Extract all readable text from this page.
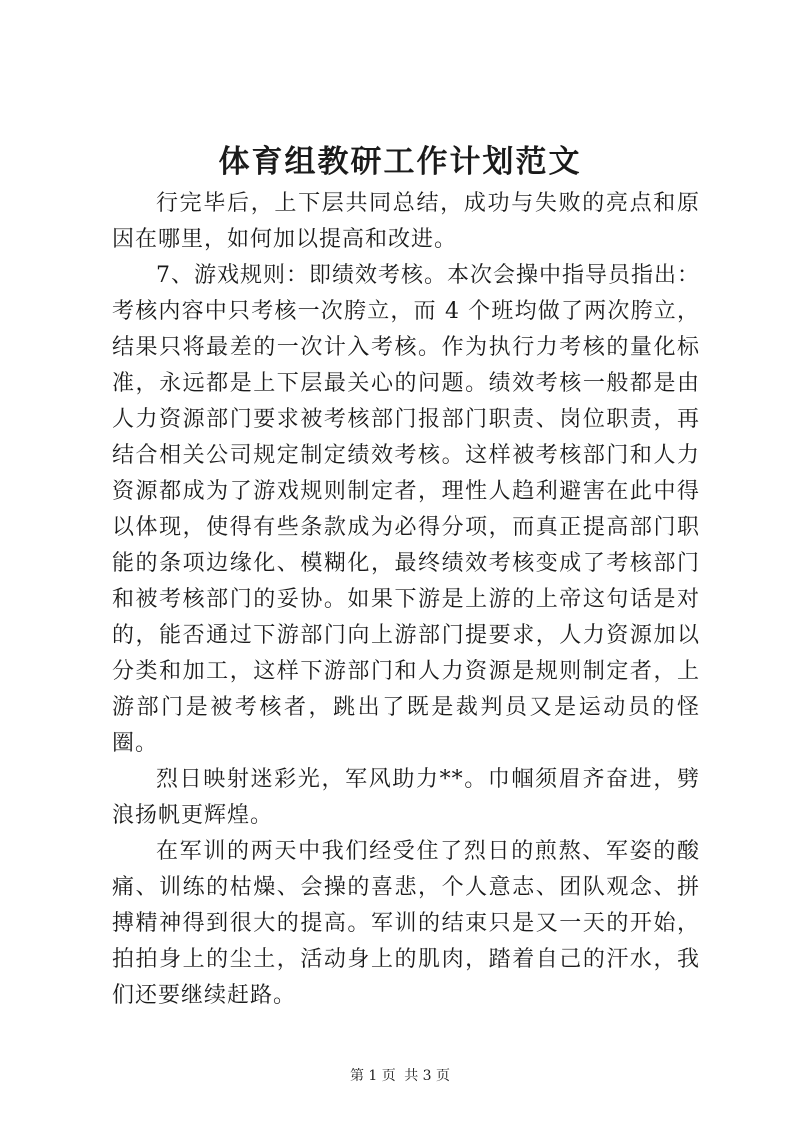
体育组教研工作计划范文

行完毕后，上下层共同总结，成功与失败的亮点和原因在哪里，如何加以提高和改进。

7、游戏规则：即绩效考核。本次会操中指导员指出：考核内容中只考核一次胯立，而 4 个班均做了两次胯立，结果只将最差的一次计入考核。作为执行力考核的量化标准，永远都是上下层最关心的问题。绩效考核一般都是由人力资源部门要求被考核部门报部门职责、岗位职责，再结合相关公司规定制定绩效考核。这样被考核部门和人力资源都成为了游戏规则制定者，理性人趋利避害在此中得以体现，使得有些条款成为必得分项，而真正提高部门职能的条项边缘化、模糊化，最终绩效考核变成了考核部门和被考核部门的妥协。如果下游是上游的上帝这句话是对的，能否通过下游部门向上游部门提要求，人力资源加以分类和加工，这样下游部门和人力资源是规则制定者，上游部门是被考核者，跳出了既是裁判员又是运动员的怪圈。

烈日映射迷彩光，军风助力**。巾帼须眉齐奋进，劈浪扬帆更辉煌。

在军训的两天中我们经受住了烈日的煎熬、军姿的酸痛、训练的枯燥、会操的喜悲，个人意志、团队观念、拼搏精神得到很大的提高。军训的结束只是又一天的开始，拍拍身上的尘土，活动身上的肌肉，踏着自己的汗水，我们还要继续赶路。

第 1 页 共 3 页
